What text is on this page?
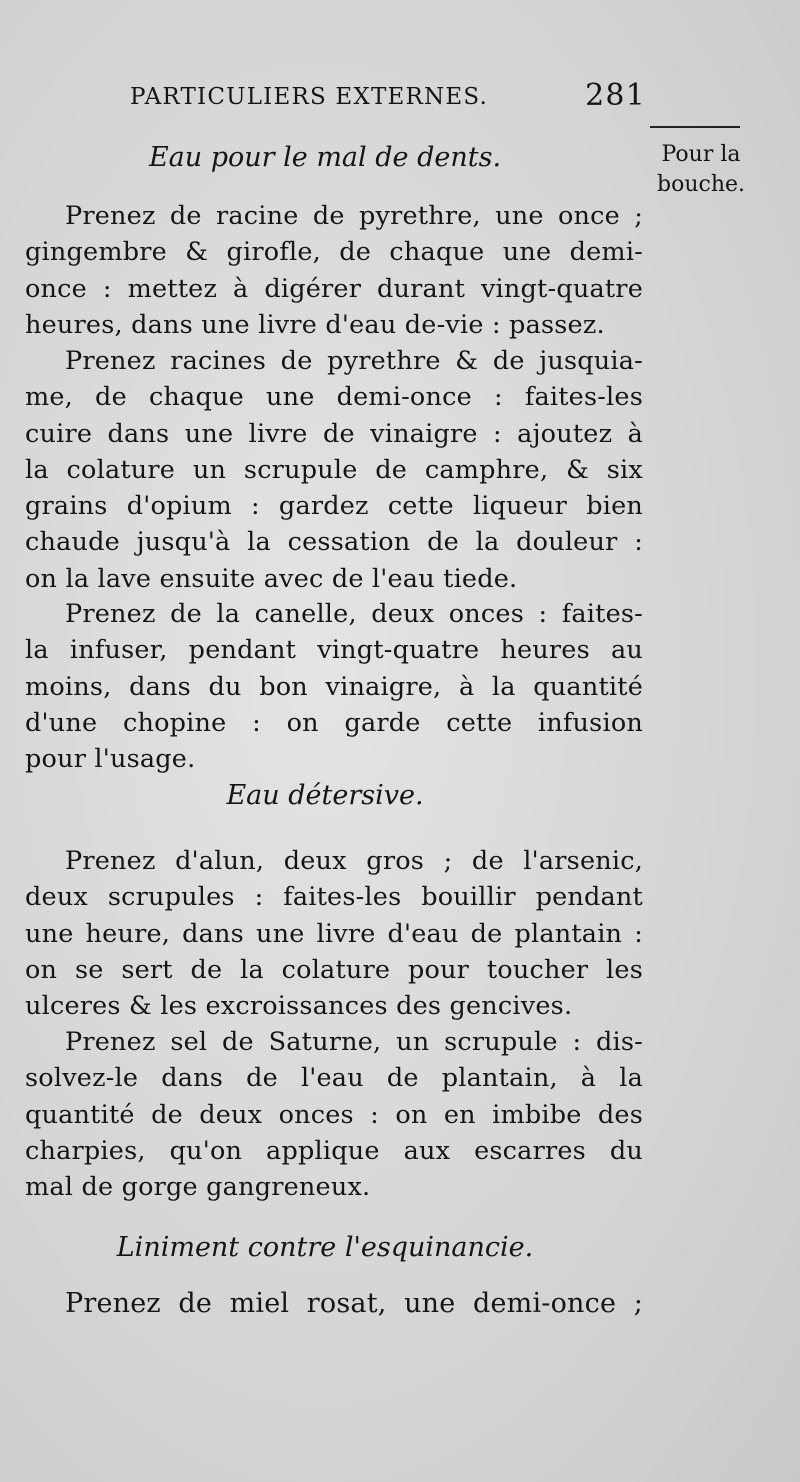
PARTICULIERS EXTERNES.	281
Pour la
bouche.
Eau pour le mal de dents.
Prenez de racine de pyrethre, une once ;
gingembre & girofle, de chaque une demi-
once : mettez à digérer durant vingt-quatre
heures, dans une livre d'eau de-vie : passez.
Prenez racines de pyrethre & de jusquia-
me, de chaque une demi-once : faites-les
cuire dans une livre de vinaigre : ajoutez à
la colature un scrupule de camphre, & six
grains d'opium : gardez cette liqueur bien
chaude jusqu'à la cessation de la douleur :
on la lave ensuite avec de l'eau tiede.
Prenez de la canelle, deux onces : faites-
la infuser, pendant vingt-quatre heures au
moins, dans du bon vinaigre, à la quantité
d'une chopine : on garde cette infusion
pour l'usage.
Eau détersive.
Prenez d'alun, deux gros ; de l'arsenic,
deux scrupules : faites-les bouillir pendant
une heure, dans une livre d'eau de plantain :
on se sert de la colature pour toucher les
ulceres & les excroissances des gencives.
Prenez sel de Saturne, un scrupule : dis-
solvez-le dans de l'eau de plantain, à la
quantité de deux onces : on en imbibe des
charpies, qu'on applique aux escarres du
mal de gorge gangreneux.
Liniment contre l'esquinancie.
Prenez de miel rosat, une demi-once ;
